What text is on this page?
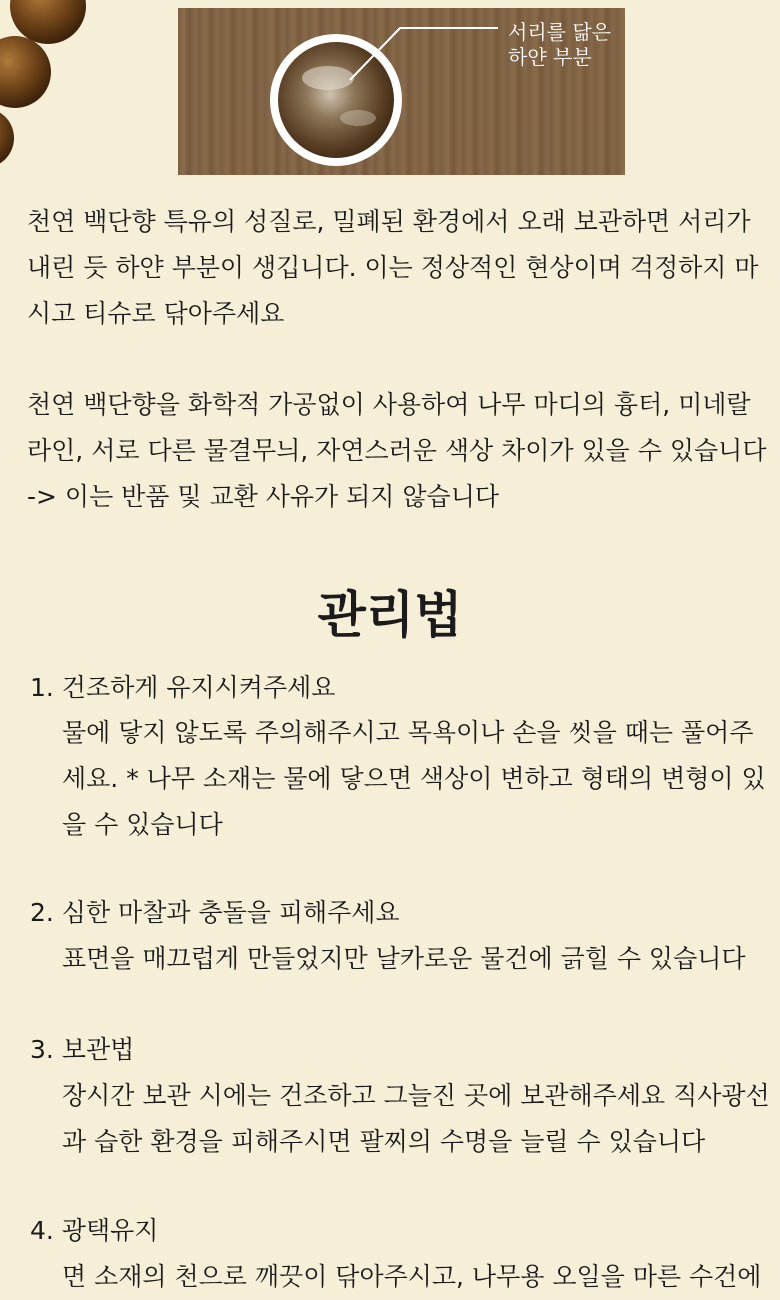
서리를 닮은
하얀 부분

천연 백단향 특유의 성질로, 밀폐된 환경에서 오래 보관하면 서리가 내린 듯 하얀 부분이 생깁니다. 이는 정상적인 현상이며 걱정하지 마시고 티슈로 닦아주세요

천연 백단향을 화학적 가공없이 사용하여 나무 마디의 흉터, 미네랄 라인, 서로 다른 물결무늬, 자연스러운 색상 차이가 있을 수 있습니다 -> 이는 반품 및 교환 사유가 되지 않습니다

관리법

1. 건조하게 유지시켜주세요

물에 닿지 않도록 주의해주시고 목욕이나 손을 씻을 때는 풀어주세요. * 나무 소재는 물에 닿으면 색상이 변하고 형태의 변형이 있을 수 있습니다

2. 심한 마찰과 충돌을 피해주세요

표면을 매끄럽게 만들었지만 날카로운 물건에 긁힐 수 있습니다

3. 보관법

장시간 보관 시에는 건조하고 그늘진 곳에 보관해주세요 직사광선과 습한 환경을 피해주시면 팔찌의 수명을 늘릴 수 있습니다

4. 광택유지

면 소재의 천으로 깨끗이 닦아주시고, 나무용 오일을 마른 수건에
